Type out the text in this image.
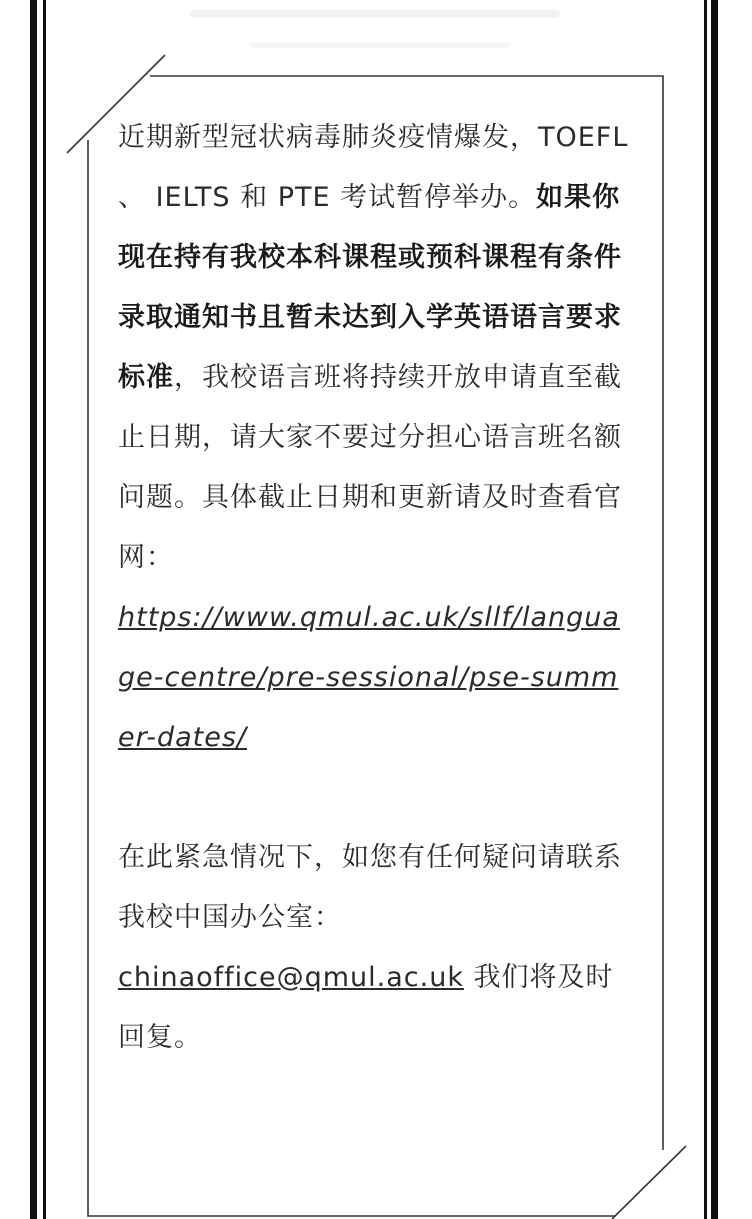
近期新型冠状病毒肺炎疫情爆发，TOEFL 、 IELTS 和 PTE 考试暂停举办。如果你现在持有我校本科课程或预科课程有条件录取通知书且暂未达到入学英语语言要求标准，我校语言班将持续开放申请直至截止日期，请大家不要过分担心语言班名额问题。具体截止日期和更新请及时查看官网：

https://www.qmul.ac.uk/sllf/language-centre/pre-sessional/pse-summer-dates/

在此紧急情况下，如您有任何疑问请联系我校中国办公室：chinaoffice@qmul.ac.uk 我们将及时回复。
